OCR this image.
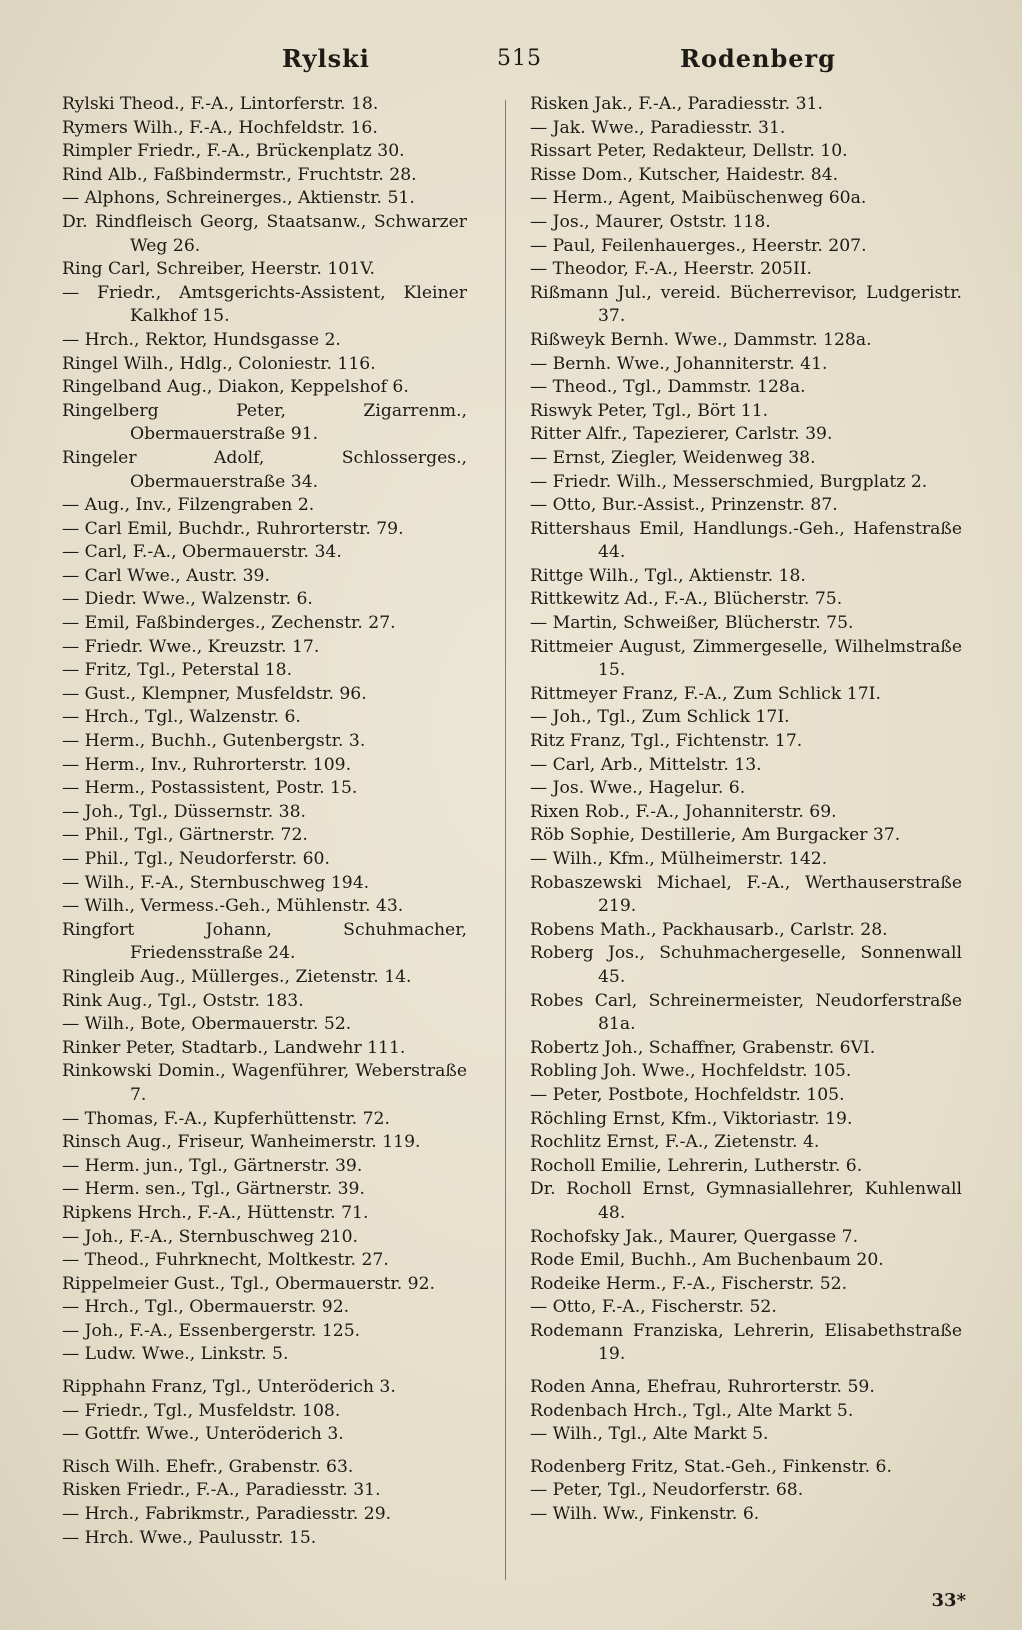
Rylski	515	Rodenberg
Rylski Theod., F.-A., Lintorferstr. 18.
Rymers Wilh., F.-A., Hochfeldstr. 16.
Rimpler Friedr., F.-A., Brückenplatz 30.
Rind Alb., Faßbindermstr., Fruchtstr. 28.
— Alphons, Schreinerges., Aktienstr. 51.
Dr. Rindfleisch Georg, Staatsanw., Schwarzer Weg 26.
Ring Carl, Schreiber, Heerstr. 101V.
— Friedr., Amtsgerichts-Assistent, Kleiner Kalkhof 15.
— Hrch., Rektor, Hundsgasse 2.
Ringel Wilh., Hdlg., Coloniestr. 116.
Ringelband Aug., Diakon, Keppelshof 6.
Ringelberg Peter, Zigarrenm., Obermauerstraße 91.
Ringeler Adolf, Schlosserges., Obermauerstraße 34.
— Aug., Inv., Filzengraben 2.
— Carl Emil, Buchdr., Ruhrorterstr. 79.
— Carl, F.-A., Obermauerstr. 34.
— Carl Wwe., Austr. 39.
— Diedr. Wwe., Walzenstr. 6.
— Emil, Faßbinderges., Zechenstr. 27.
— Friedr. Wwe., Kreuzstr. 17.
— Fritz, Tgl., Peterstal 18.
— Gust., Klempner, Musfeldstr. 96.
— Hrch., Tgl., Walzenstr. 6.
— Herm., Buchh., Gutenbergstr. 3.
— Herm., Inv., Ruhrorterstr. 109.
— Herm., Postassistent, Postr. 15.
— Joh., Tgl., Düssernstr. 38.
— Phil., Tgl., Gärtnerstr. 72.
— Phil., Tgl., Neudorferstr. 60.
— Wilh., F.-A., Sternbuschweg 194.
— Wilh., Vermess.-Geh., Mühlenstr. 43.
Ringfort Johann, Schuhmacher, Friedensstraße 24.
Ringleib Aug., Müllerges., Zietenstr. 14.
Rink Aug., Tgl., Oststr. 183.
— Wilh., Bote, Obermauerstr. 52.
Rinker Peter, Stadtarb., Landwehr 111.
Rinkowski Domin., Wagenführer, Weberstraße 7.
— Thomas, F.-A., Kupferhüttenstr. 72.
Rinsch Aug., Friseur, Wanheimerstr. 119.
— Herm. jun., Tgl., Gärtnerstr. 39.
— Herm. sen., Tgl., Gärtnerstr. 39.
Ripkens Hrch., F.-A., Hüttenstr. 71.
— Joh., F.-A., Sternbuschweg 210.
— Theod., Fuhrknecht, Moltkestr. 27.
Rippelmeier Gust., Tgl., Obermauerstr. 92.
— Hrch., Tgl., Obermauerstr. 92.
— Joh., F.-A., Essenbergerstr. 125.
— Ludw. Wwe., Linkstr. 5.
Ripphahn Franz, Tgl., Unteröderich 3.
— Friedr., Tgl., Musfeldstr. 108.
— Gottfr. Wwe., Unteröderich 3.
Risch Wilh. Ehefr., Grabenstr. 63.
Risken Friedr., F.-A., Paradiesstr. 31.
— Hrch., Fabrikmstr., Paradiesstr. 29.
— Hrch. Wwe., Paulusstr. 15.
Risken Jak., F.-A., Paradiesstr. 31.
— Jak. Wwe., Paradiesstr. 31.
Rissart Peter, Redakteur, Dellstr. 10.
Risse Dom., Kutscher, Haidestr. 84.
— Herm., Agent, Maibüschenweg 60a.
— Jos., Maurer, Oststr. 118.
— Paul, Feilenhauerges., Heerstr. 207.
— Theodor, F.-A., Heerstr. 205II.
Rißmann Jul., vereid. Bücherrevisor, Ludgeristr. 37.
Rißweyk Bernh. Wwe., Dammstr. 128a.
— Bernh. Wwe., Johanniterstr. 41.
— Theod., Tgl., Dammstr. 128a.
Riswyk Peter, Tgl., Bört 11.
Ritter Alfr., Tapezierer, Carlstr. 39.
— Ernst, Ziegler, Weidenweg 38.
— Friedr. Wilh., Messerschmied, Burgplatz 2.
— Otto, Bur.-Assist., Prinzenstr. 87.
Rittershaus Emil, Handlungs.-Geh., Hafenstraße 44.
Rittge Wilh., Tgl., Aktienstr. 18.
Rittkewitz Ad., F.-A., Blücherstr. 75.
— Martin, Schweißer, Blücherstr. 75.
Rittmeier August, Zimmergeselle, Wilhelmstraße 15.
Rittmeyer Franz, F.-A., Zum Schlick 17I.
— Joh., Tgl., Zum Schlick 17I.
Ritz Franz, Tgl., Fichtenstr. 17.
— Carl, Arb., Mittelstr. 13.
— Jos. Wwe., Hagelur. 6.
Rixen Rob., F.-A., Johanniterstr. 69.
Röb Sophie, Destillerie, Am Burgacker 37.
— Wilh., Kfm., Mülheimerstr. 142.
Robaszewski Michael, F.-A., Werthauserstraße 219.
Robens Math., Packhausarb., Carlstr. 28.
Roberg Jos., Schuhmachergeselle, Sonnenwall 45.
Robes Carl, Schreinermeister, Neudorferstraße 81a.
Robertz Joh., Schaffner, Grabenstr. 6VI.
Robling Joh. Wwe., Hochfeldstr. 105.
— Peter, Postbote, Hochfeldstr. 105.
Röchling Ernst, Kfm., Viktoriastr. 19.
Rochlitz Ernst, F.-A., Zietenstr. 4.
Rocholl Emilie, Lehrerin, Lutherstr. 6.
Dr. Rocholl Ernst, Gymnasiallehrer, Kuhlenwall 48.
Rochofsky Jak., Maurer, Quergasse 7.
Rode Emil, Buchh., Am Buchenbaum 20.
Rodeike Herm., F.-A., Fischerstr. 52.
— Otto, F.-A., Fischerstr. 52.
Rodemann Franziska, Lehrerin, Elisabethstraße 19.
Roden Anna, Ehefrau, Ruhrorterstr. 59.
Rodenbach Hrch., Tgl., Alte Markt 5.
— Wilh., Tgl., Alte Markt 5.
Rodenberg Fritz, Stat.-Geh., Finkenstr. 6.
— Peter, Tgl., Neudorferstr. 68.
— Wilh. Ww., Finkenstr. 6.
33*
